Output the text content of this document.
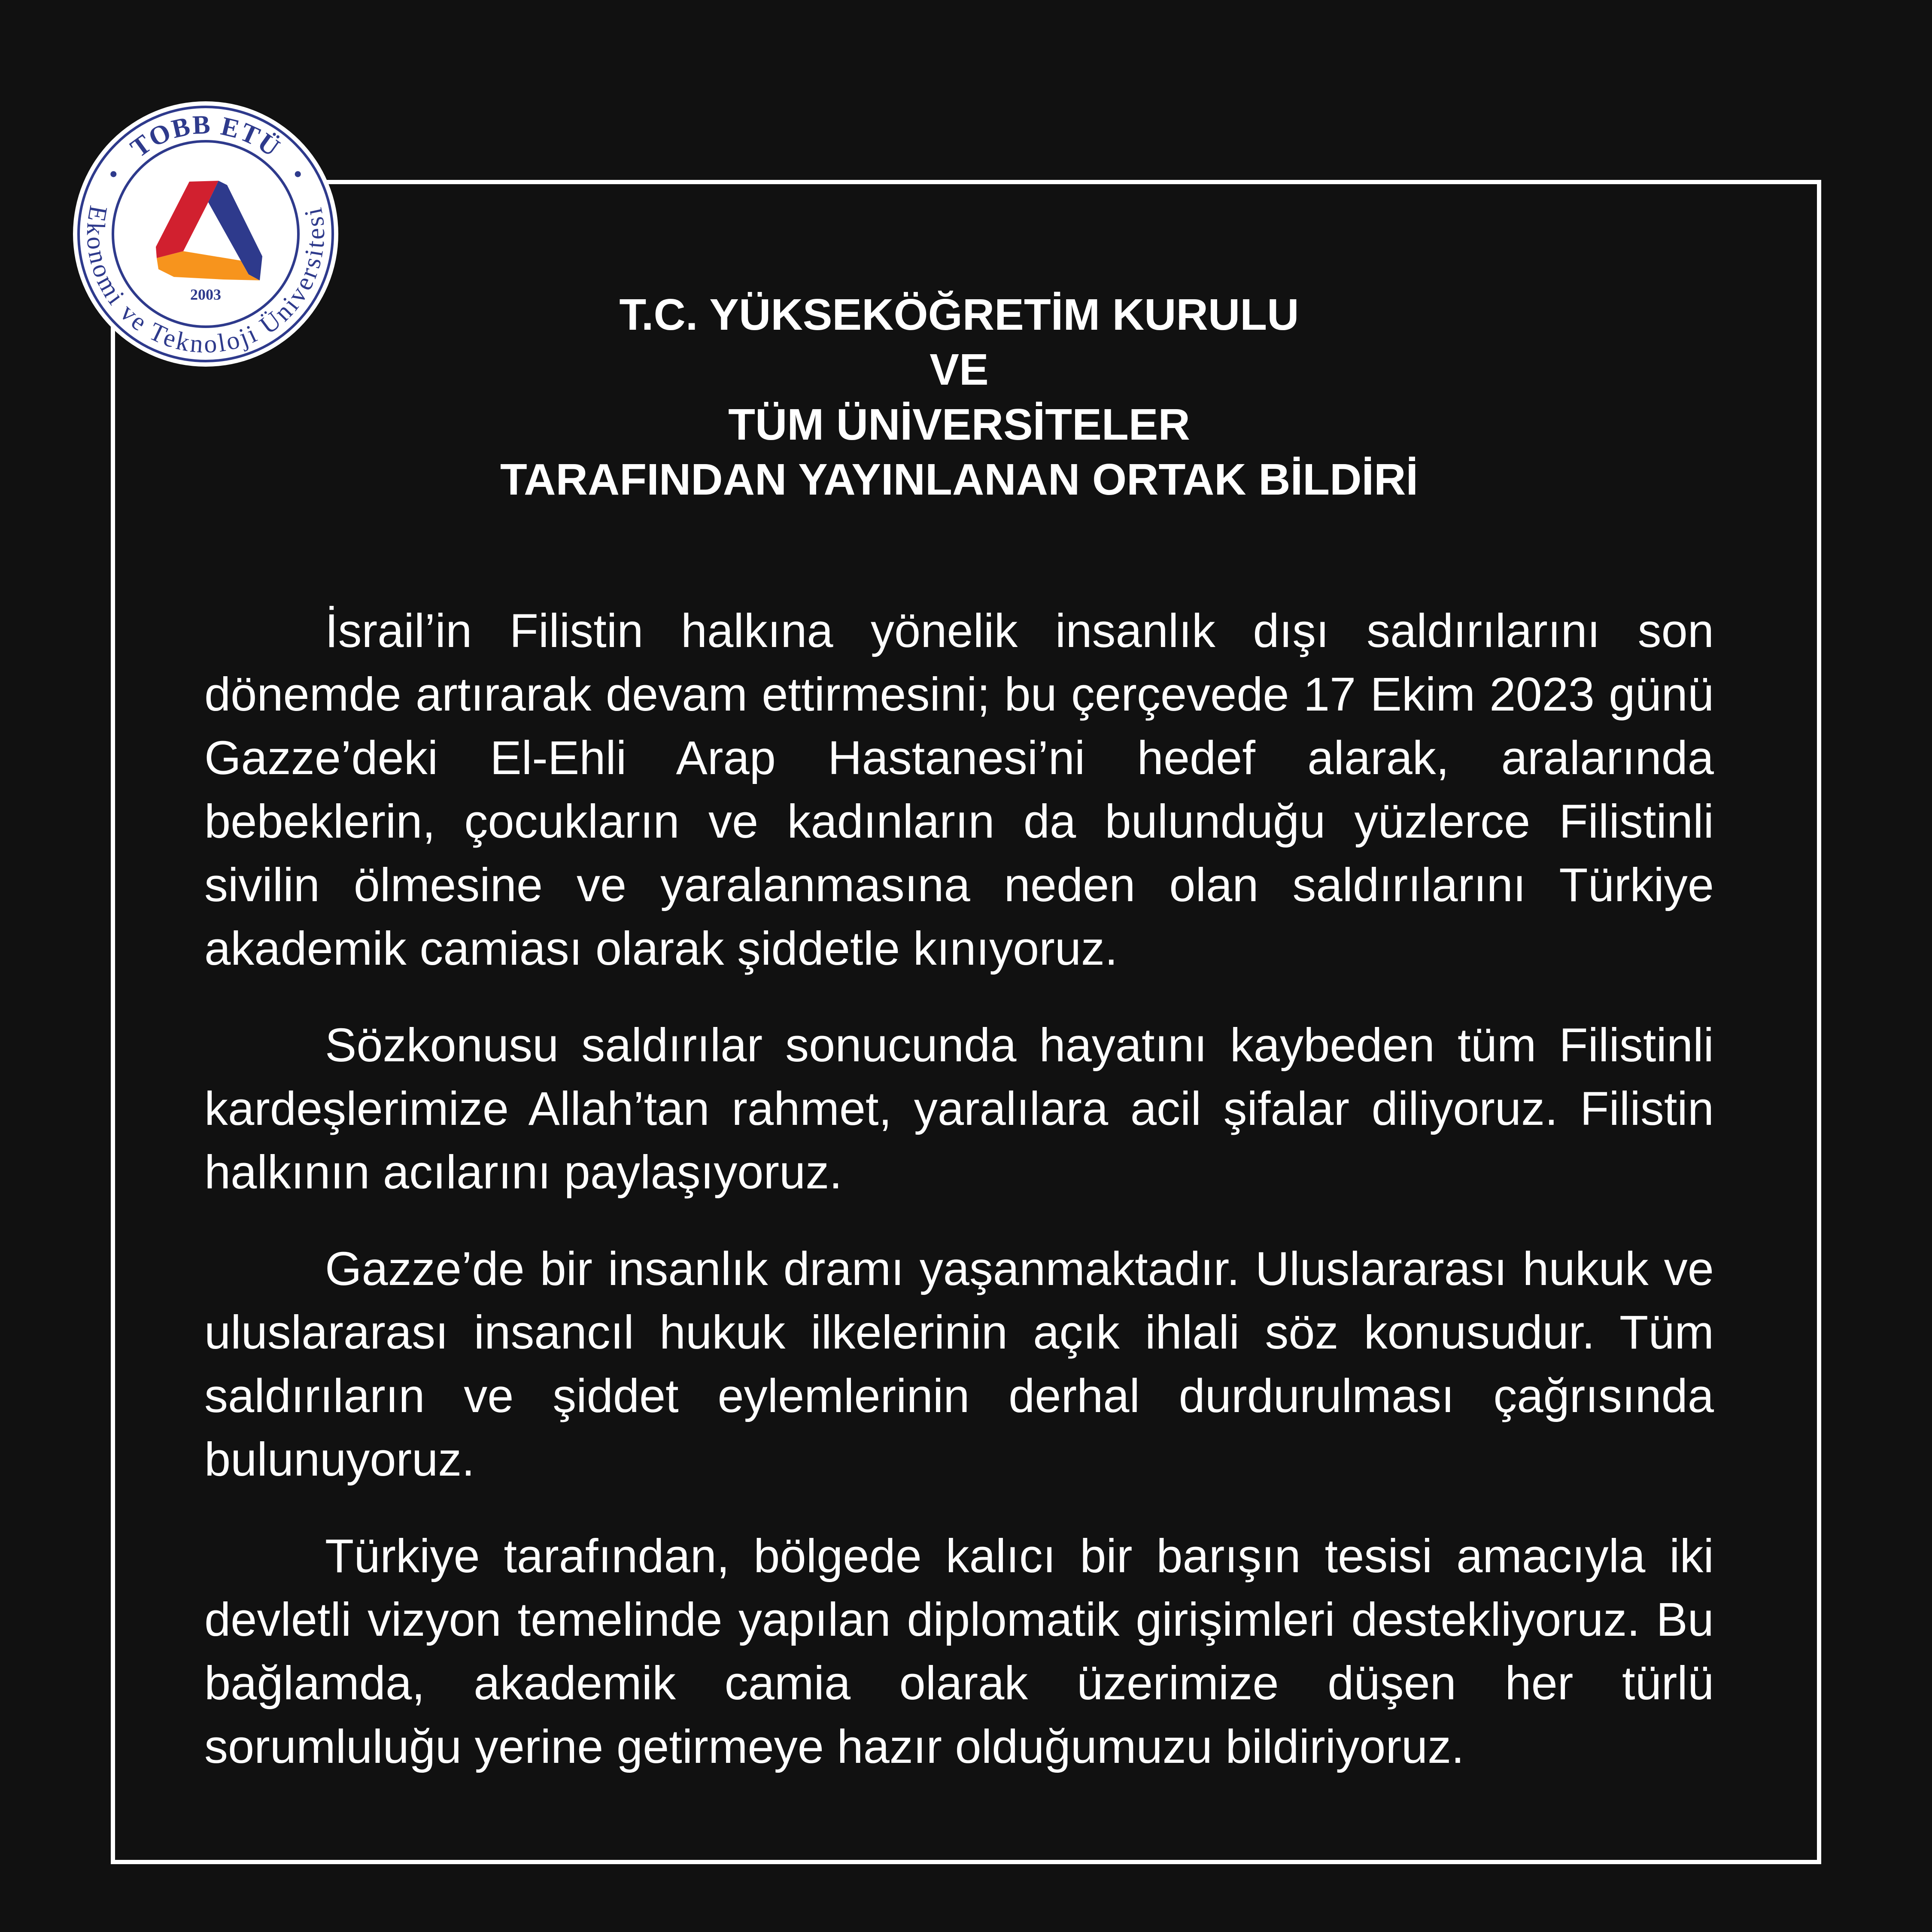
TOBB ETÜ
Ekonomi ve Teknoloji Üniversitesi
2003	T.C. YÜKSEKÖĞRETİM KURULU
VE
TÜM ÜNİVERSİTELER
TARAFINDAN YAYINLANAN ORTAK BİLDİRİ
İsrail’in Filistin halkına yönelik insanlık dışı saldırılarını son
dönemde artırarak devam ettirmesini; bu çerçevede 17 Ekim 2023 günü
Gazze’deki El-Ehli Arap Hastanesi’ni hedef alarak, aralarında
bebeklerin, çocukların ve kadınların da bulunduğu yüzlerce Filistinli
sivilin ölmesine ve yaralanmasına neden olan saldırılarını Türkiye
akademik camiası olarak şiddetle kınıyoruz.
Sözkonusu saldırılar sonucunda hayatını kaybeden tüm Filistinli
kardeşlerimize Allah’tan rahmet, yaralılara acil şifalar diliyoruz. Filistin
halkının acılarını paylaşıyoruz.
Gazze’de bir insanlık dramı yaşanmaktadır. Uluslararası hukuk ve
uluslararası insancıl hukuk ilkelerinin açık ihlali söz konusudur. Tüm
saldırıların ve şiddet eylemlerinin derhal durdurulması çağrısında
bulunuyoruz.
Türkiye tarafından, bölgede kalıcı bir barışın tesisi amacıyla iki
devletli vizyon temelinde yapılan diplomatik girişimleri destekliyoruz. Bu
bağlamda, akademik camia olarak üzerimize düşen her türlü
sorumluluğu yerine getirmeye hazır olduğumuzu bildiriyoruz.
